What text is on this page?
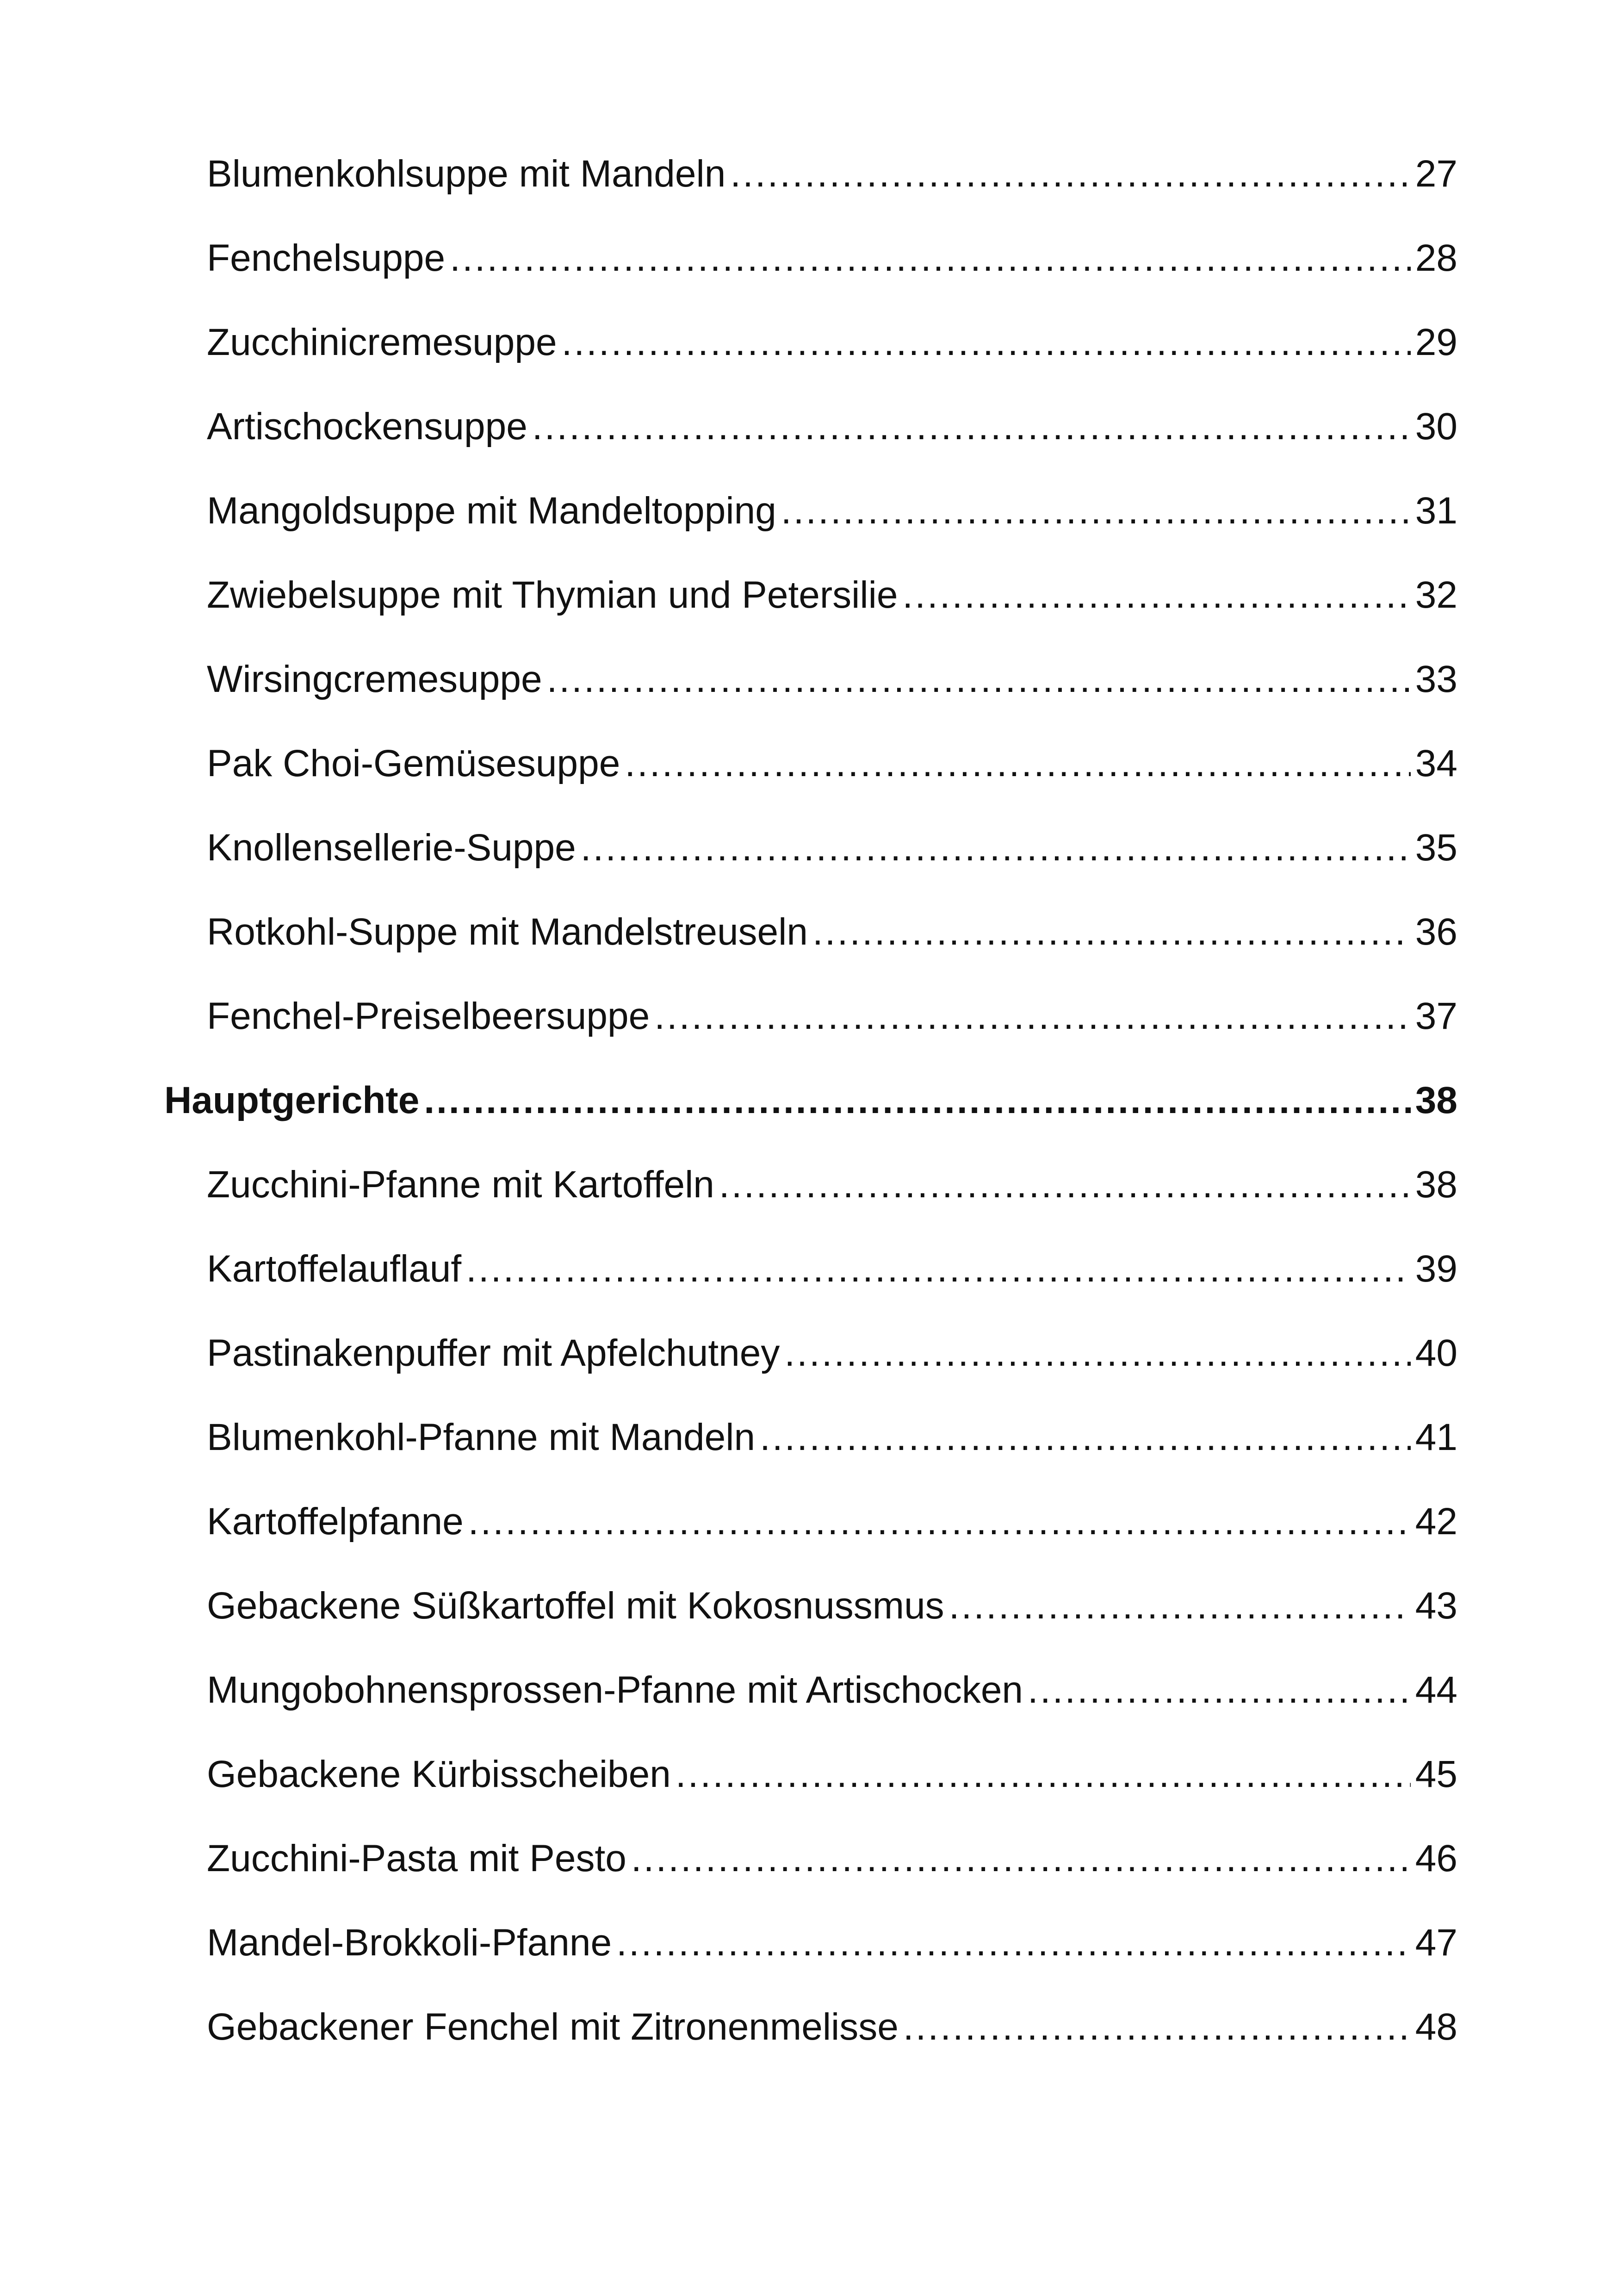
Blumenkohlsuppe mit Mandeln .....	27
Fenchelsuppe .....	28
Zucchinicremesuppe .....	29
Artischockensuppe .....	30
Mangoldsuppe mit Mandeltopping .....	31
Zwiebelsuppe mit Thymian und Petersilie .....	32
Wirsingcremesuppe .....	33
Pak Choi-Gemüsesuppe .....	34
Knollensellerie-Suppe .....	35
Rotkohl-Suppe mit Mandelstreuseln .....	36
Fenchel-Preiselbeersuppe .....	37
Hauptgerichte .....	38
Zucchini-Pfanne mit Kartoffeln .....	38
Kartoffelauflauf .....	39
Pastinakenpuffer mit Apfelchutney .....	40
Blumenkohl-Pfanne mit Mandeln .....	41
Kartoffelpfanne .....	42
Gebackene Süßkartoffel mit Kokosnussmus .....	43
Mungobohnensprossen-Pfanne mit Artischocken .....	44
Gebackene Kürbisscheiben .....	45
Zucchini-Pasta mit Pesto .....	46
Mandel-Brokkoli-Pfanne .....	47
Gebackener Fenchel mit Zitronenmelisse .....	48
